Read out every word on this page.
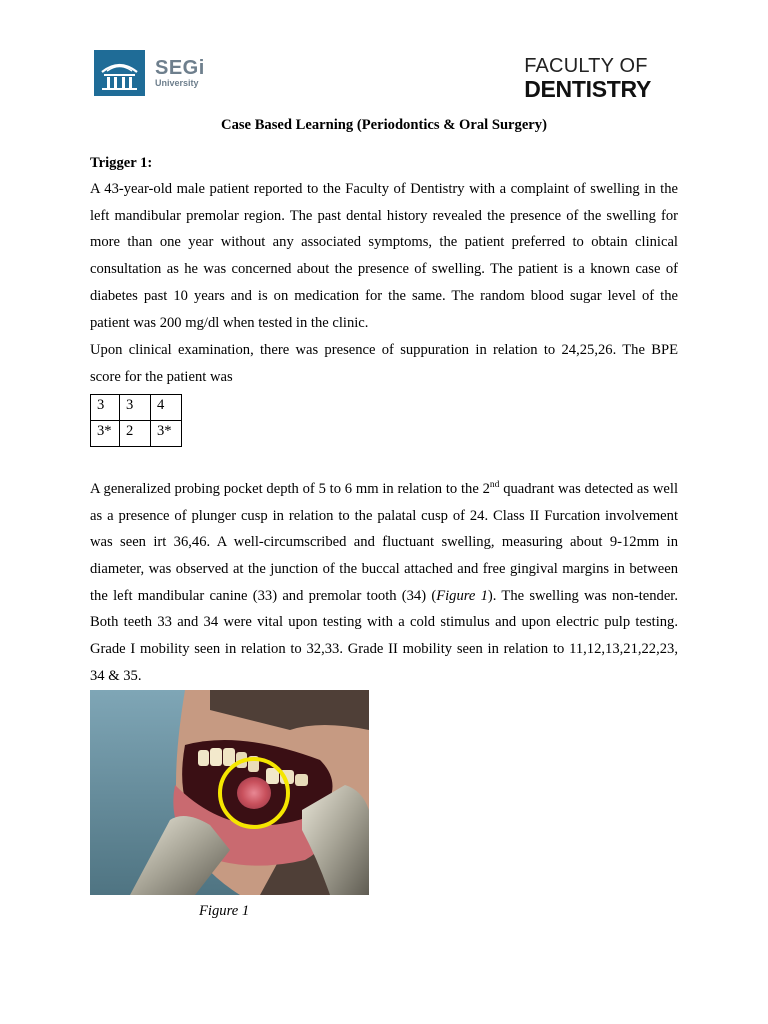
SEGi
University
FACULTY OF
DENTISTRY
Case Based Learning (Periodontics & Oral Surgery)
Trigger 1:

A 43-year-old male patient reported to the Faculty of Dentistry with a complaint of swelling in the left mandibular premolar region. The past dental history revealed the presence of the swelling for more than one year without any associated symptoms, the patient preferred to obtain clinical consultation as he was concerned about the presence of swelling. The patient is a known case of diabetes past 10 years and is on medication for the same. The random blood sugar level of the patient was 200 mg/dl when tested in the clinic.

Upon clinical examination, there was presence of suppuration in relation to 24,25,26. The BPE score for the patient was

3	3	4
3*	2	3*

A generalized probing pocket depth of 5 to 6 mm in relation to the 2nd quadrant was detected as well as a presence of plunger cusp in relation to the palatal cusp of 24. Class II Furcation involvement was seen irt 36,46. A well-circumscribed and fluctuant swelling, measuring about 9-12mm in diameter, was observed at the junction of the buccal attached and free gingival margins in between the left mandibular canine (33) and premolar tooth (34) (Figure 1). The swelling was non-tender. Both teeth 33 and 34 were vital upon testing with a cold stimulus and upon electric pulp testing. Grade I mobility seen in relation to 32,33. Grade II mobility seen in relation to 11,12,13,21,22,23, 34 & 35.

Figure 1
